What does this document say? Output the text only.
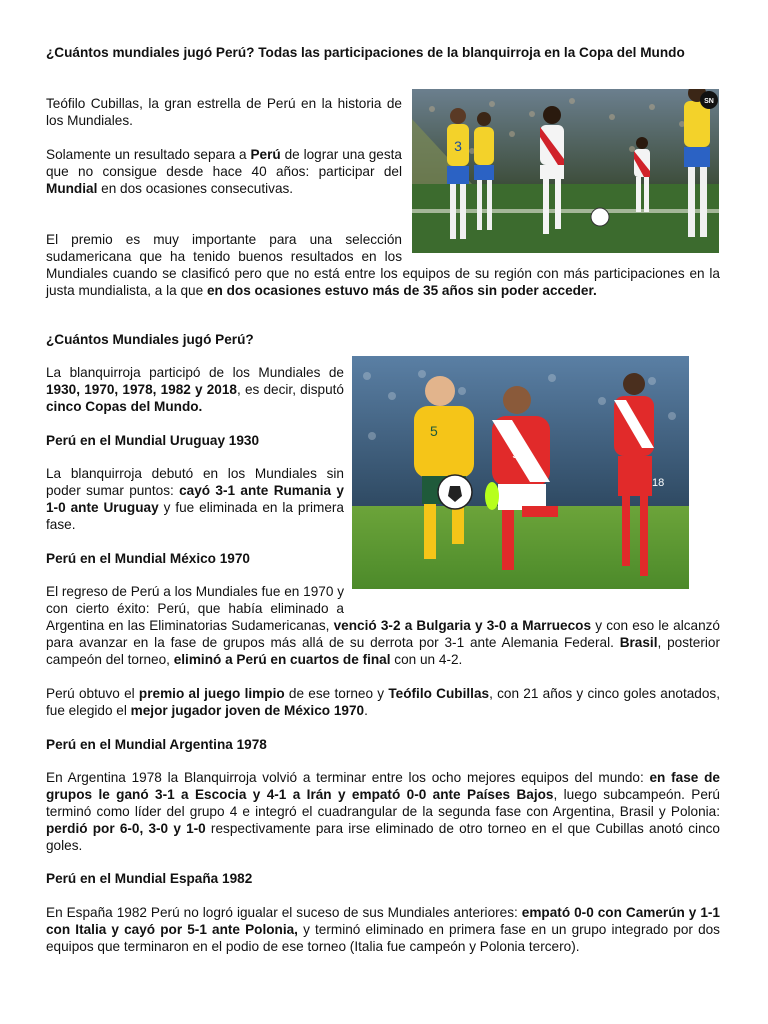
¿Cuántos mundiales jugó Perú? Todas las participaciones de la blanquirroja en la Copa del Mundo
3
SN
5
9
18

Teófilo Cubillas, la gran estrella de Perú en la historia de los Mundiales.

Solamente un resultado separa a Perú de lograr una gesta que no consigue desde hace 40 años: participar del Mundial en dos ocasiones consecutivas.

El premio es muy importante para una selección sudamericana que ha tenido buenos resultados en los Mundiales cuando se clasificó pero que no está entre los equipos de su región con más participaciones en la justa mundialista, a la que en dos ocasiones estuvo más de 35 años sin poder acceder.

¿Cuántos Mundiales jugó Perú?

La blanquirroja participó de los Mundiales de 1930, 1970, 1978, 1982 y 2018, es decir, disputó cinco Copas del Mundo.

Perú en el Mundial Uruguay 1930

La blanquirroja debutó en los Mundiales sin poder sumar puntos: cayó 3-1 ante Rumania y 1-0 ante Uruguay y fue eliminada en la primera fase.

Perú en el Mundial México 1970

El regreso de Perú a los Mundiales fue en 1970 y con cierto éxito: Perú, que había eliminado a Argentina en las Eliminatorias Sudamericanas, venció 3-2 a Bulgaria y 3-0 a Marruecos y con eso le alcanzó para avanzar en la fase de grupos más allá de su derrota por 3-1 ante Alemania Federal. Brasil, posterior campeón del torneo, eliminó a Perú en cuartos de final con un 4-2.

Perú obtuvo el premio al juego limpio de ese torneo y Teófilo Cubillas, con 21 años y cinco goles anotados, fue elegido el mejor jugador joven de México 1970.

Perú en el Mundial Argentina 1978

En Argentina 1978 la Blanquirroja volvió a terminar entre los ocho mejores equipos del mundo: en fase de grupos le ganó 3-1 a Escocia y 4-1 a Irán y empató 0-0 ante Países Bajos, luego subcampeón. Perú terminó como líder del grupo 4 e integró el cuadrangular de la segunda fase con Argentina, Brasil y Polonia: perdió por 6-0, 3-0 y 1-0 respectivamente para irse eliminado de otro torneo en el que Cubillas anotó cinco goles.

Perú en el Mundial España 1982

En España 1982 Perú no logró igualar el suceso de sus Mundiales anteriores: empató 0-0 con Camerún y 1-1 con Italia y cayó por 5-1 ante Polonia, y terminó eliminado en primera fase en un grupo integrado por dos equipos que terminaron en el podio de ese torneo (Italia fue campeón y Polonia tercero).
